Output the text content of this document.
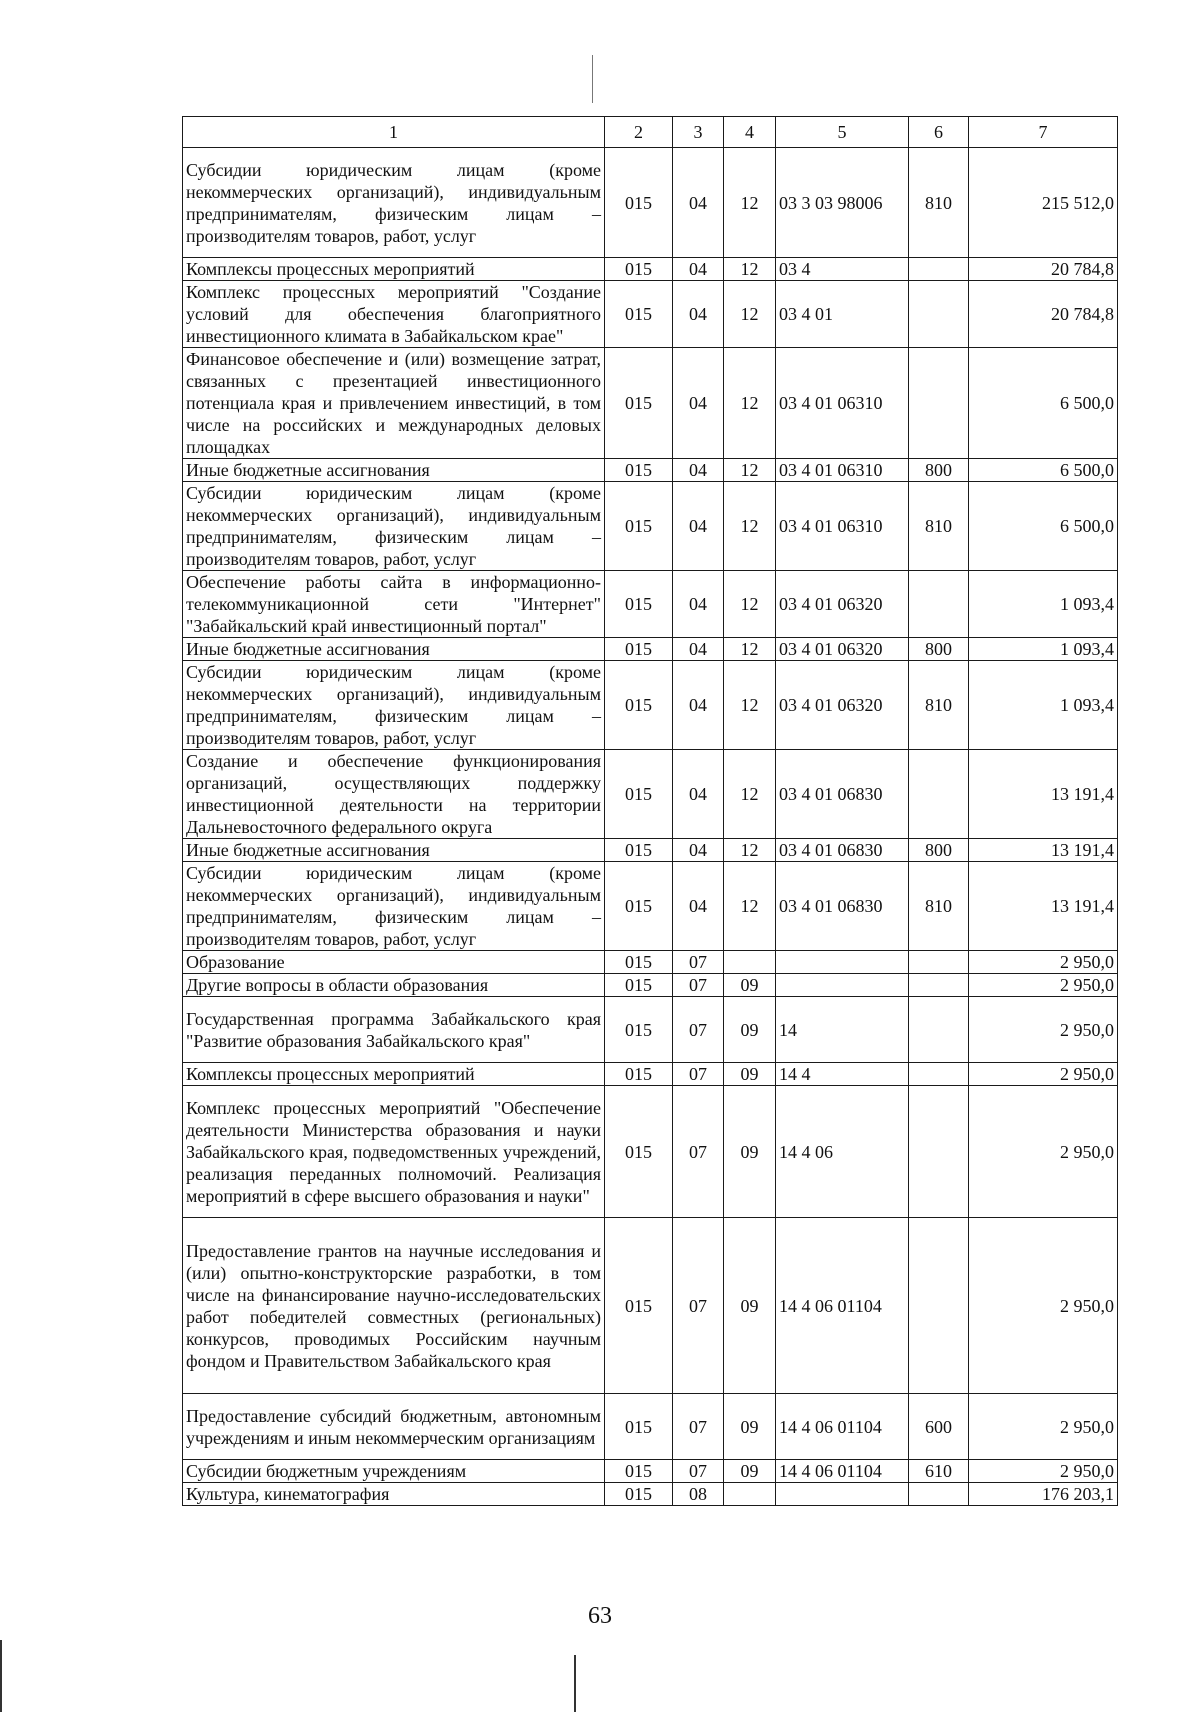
1	2	3	4	5	6	7
Субсидии юридическим лицам (кроме некоммерческих организаций), индивидуальным предпринимателям, физическим лицам – производителям товаров, работ, услуг	015	04	12	03 3 03 98006	810	215 512,0
Комплексы процессных мероприятий	015	04	12	03 4		20 784,8
Комплекс процессных мероприятий "Создание условий для обеспечения благоприятного инвестиционного климата в Забайкальском крае"	015	04	12	03 4 01		20 784,8
Финансовое обеспечение и (или) возмещение затрат, связанных с презентацией инвестиционного потенциала края и привлечением инвестиций, в том числе на российских и международных деловых площадках	015	04	12	03 4 01 06310		6 500,0
Иные бюджетные ассигнования	015	04	12	03 4 01 06310	800	6 500,0
Субсидии юридическим лицам (кроме некоммерческих организаций), индивидуальным предпринимателям, физическим лицам – производителям товаров, работ, услуг	015	04	12	03 4 01 06310	810	6 500,0
Обеспечение работы сайта в информационно-телекоммуникационной сети "Интернет" "Забайкальский край инвестиционный портал"	015	04	12	03 4 01 06320		1 093,4
Иные бюджетные ассигнования	015	04	12	03 4 01 06320	800	1 093,4
Субсидии юридическим лицам (кроме некоммерческих организаций), индивидуальным предпринимателям, физическим лицам – производителям товаров, работ, услуг	015	04	12	03 4 01 06320	810	1 093,4
Создание и обеспечение функционирования организаций, осуществляющих поддержку инвестиционной деятельности на территории Дальневосточного федерального округа	015	04	12	03 4 01 06830		13 191,4
Иные бюджетные ассигнования	015	04	12	03 4 01 06830	800	13 191,4
Субсидии юридическим лицам (кроме некоммерческих организаций), индивидуальным предпринимателям, физическим лицам – производителям товаров, работ, услуг	015	04	12	03 4 01 06830	810	13 191,4
Образование	015	07				2 950,0
Другие вопросы в области образования	015	07	09			2 950,0
Государственная программа Забайкальского края "Развитие образования Забайкальского края"	015	07	09	14		2 950,0
Комплексы процессных мероприятий	015	07	09	14 4		2 950,0
Комплекс процессных мероприятий "Обеспечение деятельности Министерства образования и науки Забайкальского края, подведомственных учреждений, реализация переданных полномочий. Реализация мероприятий в сфере высшего образования и науки"	015	07	09	14 4 06		2 950,0
Предоставление грантов на научные исследования и (или) опытно-конструкторские разработки, в том числе на финансирование научно-исследовательских работ победителей совместных (региональных) конкурсов, проводимых Российским научным фондом и Правительством Забайкальского края	015	07	09	14 4 06 01104		2 950,0
Предоставление субсидий бюджетным, автономным учреждениям и иным некоммерческим организациям	015	07	09	14 4 06 01104	600	2 950,0
Субсидии бюджетным учреждениям	015	07	09	14 4 06 01104	610	2 950,0
Культура, кинематография	015	08				176 203,1
63
